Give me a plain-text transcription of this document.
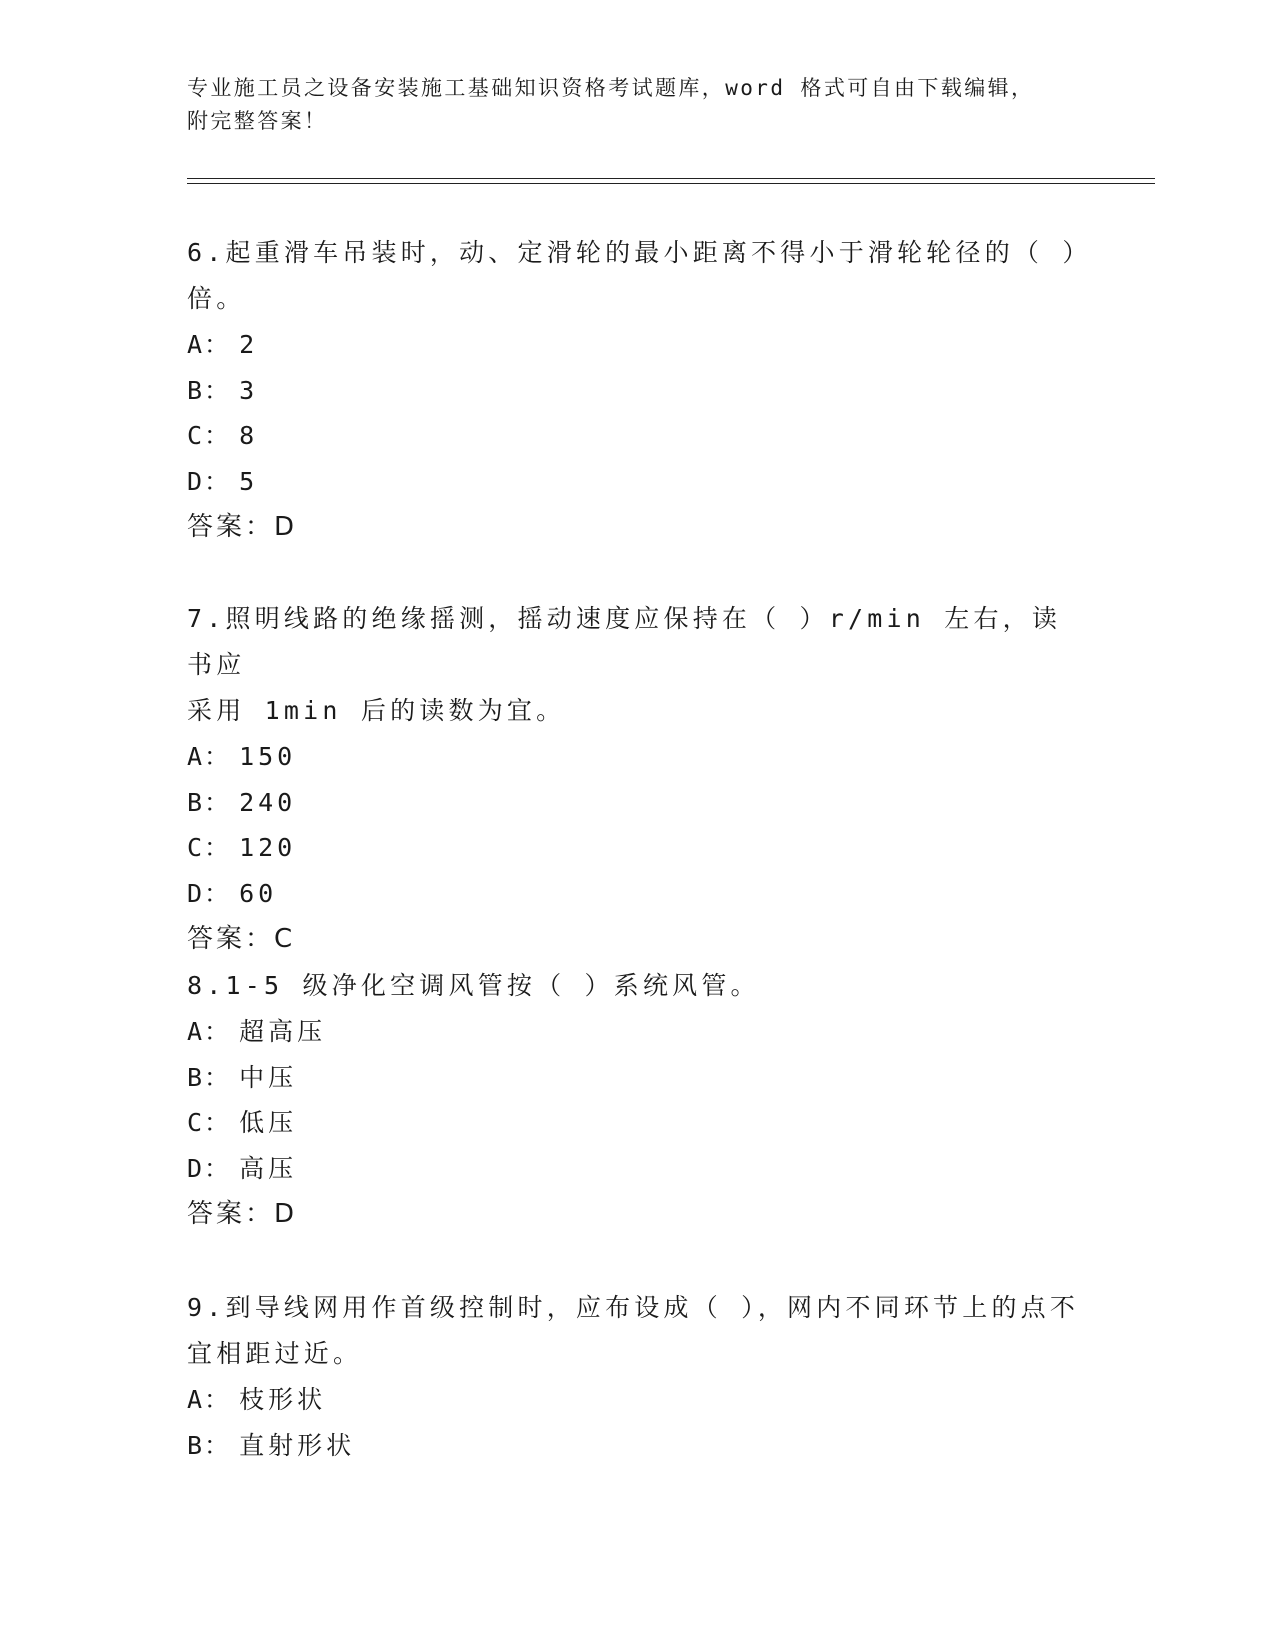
专业施工员之设备安装施工基础知识资格考试题库，word 格式可自由下载编辑，
附完整答案！

6.起重滑车吊装时，动、定滑轮的最小距离不得小于滑轮轮径的（ ）

倍。

A： 2

B： 3

C： 8

D： 5

答案：D

7.照明线路的绝缘摇测，摇动速度应保持在（ ）r/min 左右，读书应

采用 1min 后的读数为宜。

A： 150

B： 240

C： 120

D： 60

答案：C

8.1-5 级净化空调风管按（ ）系统风管。

A： 超高压

B： 中压

C： 低压

D： 高压

答案：D

9.到导线网用作首级控制时，应布设成（ ），网内不同环节上的点不

宜相距过近。

A： 枝形状

B： 直射形状
